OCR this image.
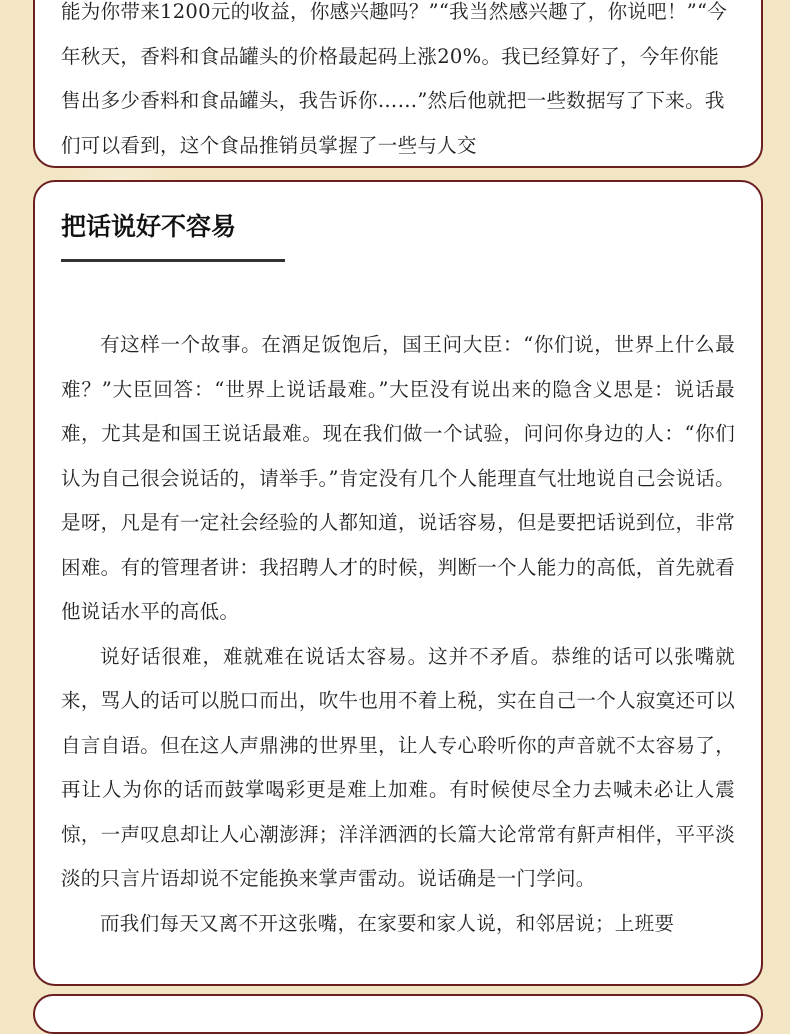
能为你带来1200元的收益，你感兴趣吗？”“我当然感兴趣了，你说吧！”“今年秋天，香料和食品罐头的价格最起码上涨20%。我已经算好了，今年你能售出多少香料和食品罐头，我告诉你……”然后他就把一些数据写了下来。我们可以看到，这个食品推销员掌握了一些与人交

把话说好不容易

有这样一个故事。在酒足饭饱后，国王问大臣：“你们说，世界上什么最难？”大臣回答：“世界上说话最难。”大臣没有说出来的隐含义思是：说话最难，尤其是和国王说话最难。现在我们做一个试验，问问你身边的人：“你们认为自己很会说话的，请举手。”肯定没有几个人能理直气壮地说自己会说话。是呀，凡是有一定社会经验的人都知道，说话容易，但是要把话说到位，非常困难。有的管理者讲：我招聘人才的时候，判断一个人能力的高低，首先就看他说话水平的高低。

说好话很难，难就难在说话太容易。这并不矛盾。恭维的话可以张嘴就来，骂人的话可以脱口而出，吹牛也用不着上税，实在自己一个人寂寞还可以自言自语。但在这人声鼎沸的世界里，让人专心聆听你的声音就不太容易了，再让人为你的话而鼓掌喝彩更是难上加难。有时候使尽全力去喊未必让人震惊，一声叹息却让人心潮澎湃；洋洋洒洒的长篇大论常常有鼾声相伴，平平淡淡的只言片语却说不定能换来掌声雷动。说话确是一门学问。

而我们每天又离不开这张嘴，在家要和家人说，和邻居说；上班要
